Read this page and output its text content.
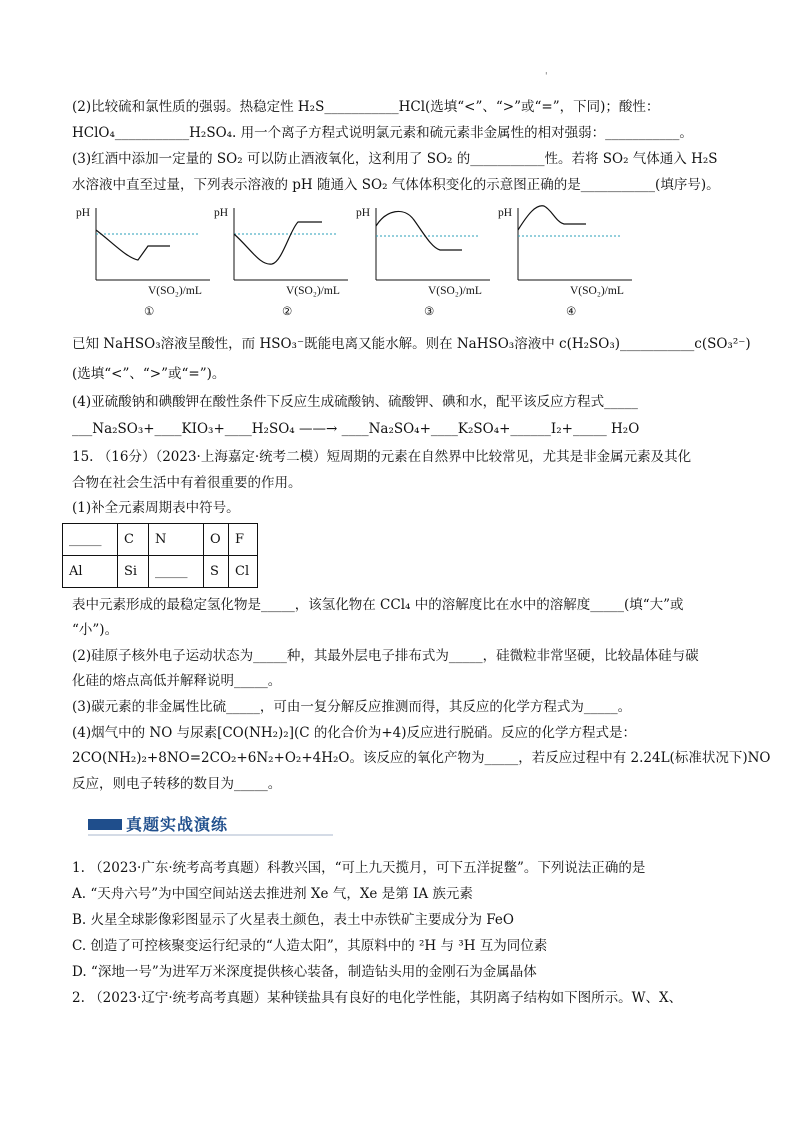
'
(2)比较硫和氯性质的强弱。热稳定性 H₂S___________HCl(选填“<”、“>”或“=”，下同)；酸性：
HClO₄___________H₂SO₄. 用一个离子方程式说明氯元素和硫元素非金属性的相对强弱：___________。
(3)红酒中添加一定量的 SO₂ 可以防止酒液氧化，这利用了 SO₂ 的___________性。若将 SO₂ 气体通入 H₂S
水溶液中直至过量，下列表示溶液的 pH 随通入 SO₂ 气体体积变化的示意图正确的是___________(填序号)。
pH
V(SO₂)/mL
①
pH
V(SO₂)/mL
②
pH
V(SO₂)/mL
③
pH
V(SO₂)/mL
④
已知 NaHSO₃溶液呈酸性，而 HSO₃⁻既能电离又能水解。则在 NaHSO₃溶液中 c(H₂SO₃)___________c(SO₃²⁻)
(选填“<”、“>”或“=”)。
(4)亚硫酸钠和碘酸钾在酸性条件下反应生成硫酸钠、硫酸钾、碘和水，配平该反应方程式_____
___Na₂SO₃+____KIO₃+____H₂SO₄ ——→ ____Na₂SO₄+____K₂SO₄+______I₂+_____ H₂O
15. （16分）（2023·上海嘉定·统考二模）短周期的元素在自然界中比较常见，尤其是非金属元素及其化
合物在社会生活中有着很重要的作用。
(1)补全元素周期表中符号。
_____	C	N	O	F
Al	Si	_____	S	Cl
表中元素形成的最稳定氢化物是_____，该氢化物在 CCl₄ 中的溶解度比在水中的溶解度_____(填“大”或
“小”)。
(2)硅原子核外电子运动状态为_____种，其最外层电子排布式为_____，硅微粒非常坚硬，比较晶体硅与碳
化硅的熔点高低并解释说明_____。
(3)碳元素的非金属性比硫_____，可由一复分解反应推测而得，其反应的化学方程式为_____。
(4)烟气中的 NO 与尿素[CO(NH₂)₂](C 的化合价为+4)反应进行脱硝。反应的化学方程式是：
2CO(NH₂)₂+8NO=2CO₂+6N₂+O₂+4H₂O。该反应的氧化产物为_____，若反应过程中有 2.24L(标准状况下)NO
反应，则电子转移的数目为_____。
真题实战演练
1. （2023·广东·统考高考真题）科教兴国，“可上九天揽月，可下五洋捉鳖”。下列说法正确的是
A. “天舟六号”为中国空间站送去推进剂 Xe 气，Xe 是第 IA 族元素
B. 火星全球影像彩图显示了火星表土颜色，表土中赤铁矿主要成分为 FeO
C. 创造了可控核聚变运行纪录的“人造太阳”，其原料中的 ²H 与 ³H 互为同位素
D. “深地一号”为进军万米深度提供核心装备，制造钻头用的金刚石为金属晶体
2. （2023·辽宁·统考高考真题）某种镁盐具有良好的电化学性能，其阴离子结构如下图所示。W、X、
